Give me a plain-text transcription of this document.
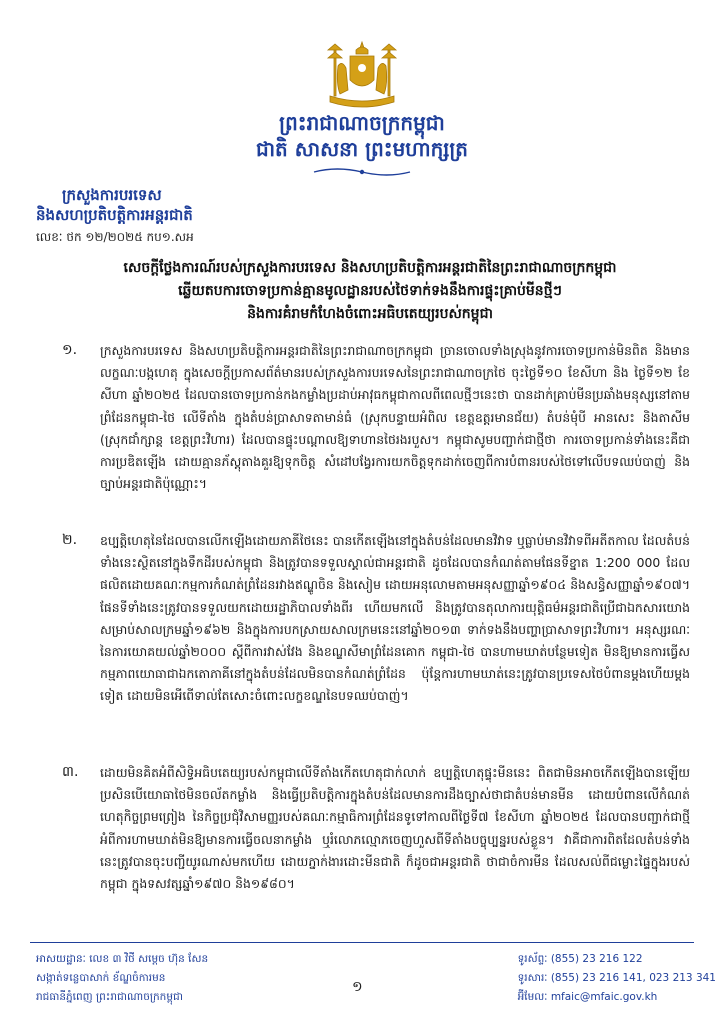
ព្រះរាជាណាចក្រកម្ពុជា
ជាតិ សាសនា ព្រះមហាក្សត្រ
ក្រសួងការបរទេស
និងសហប្រតិបត្តិការអន្តរជាតិ
លេខៈ ថក ១២/២០២៥ កប១.សអ
សេចក្តីថ្លែងការណ៍របស់ក្រសួងការបរទេស និងសហប្រតិបត្តិការអន្តរជាតិនៃព្រះរាជាណាចក្រកម្ពុជា
ឆ្លើយតបការចោទប្រកាន់គ្មានមូលដ្ឋានរបស់ថៃទាក់ទងនឹងការផ្ទុះគ្រាប់មីនថ្មីៗ
និងការគំរាមកំហែងចំពោះអធិបតេយ្យរបស់កម្ពុជា
១. ក្រសួងការបរទេស និងសហប្រតិបត្តិការអន្តរជាតិនៃព្រះរាជាណាចក្រកម្ពុជា ច្រានចោលទាំងស្រុងនូវការចោទប្រកាន់មិនពិត និងមានលក្ខណៈបង្កហេតុ ក្នុងសេចក្តីប្រកាសព័ត៌មានរបស់ក្រសួងការបរទេសនៃព្រះរាជាណាចក្រថៃ ចុះថ្ងៃទី១០ ខែសីហា និង ថ្ងៃទី១២ ខែសីហា ឆ្នាំ២០២៥ ដែលបានចោទប្រកាន់កងកម្លាំងប្រដាប់អាវុធកម្ពុជាកាលពីពេលថ្មីៗនេះថា បានដាក់គ្រាប់មីនប្រឆាំងមនុស្សនៅតាមព្រំដែនកម្ពុជា-ថៃ លើទីតាំង ក្នុងតំបន់ប្រាសាទតាមាន់ធំ (ស្រុកបន្ទាយអំពិល ខេត្តឧត្តរមានជ័យ) តំបន់មុំបី អានសេះ និងតាសីម (ស្រុកជាំក្សាន្ត ខេត្តព្រះវិហារ) ដែលបានផ្ទុះបណ្តាលឱ្យទាហានថៃរងរបួស។ កម្ពុជាសូមបញ្ជាក់ជាថ្មីថា ការចោទប្រកាន់ទាំងនេះគឺជាការប្រឌិតឡើង ដោយគ្មានភ័ស្តុតាងគួរឱ្យទុកចិត្ត សំដៅបង្វែរការយកចិត្តទុកដាក់ចេញពីការបំពានរបស់ថៃទៅលើបទឈប់បាញ់ និងច្បាប់អន្តរជាតិប៉ុណ្ណោះ។

២. ឧប្បត្តិហេតុនៃដែលបានលើកឡើងដោយភាគីថៃនេះ បានកើតឡើងនៅក្នុងតំបន់ដែលមានវិវាទ ឬធ្លាប់មានវិវាទពីអតីតកាល ដែលតំបន់ទាំងនេះស្ថិតនៅក្នុងទឹកដីរបស់កម្ពុជា និងត្រូវបានទទួលស្គាល់ជាអន្តរជាតិ ដូចដែលបានកំណត់តាមផែនទីខ្នាត 1:200 000 ដែលផលិតដោយគណៈកម្មការកំណត់ព្រំដែនរវាងឥណ្ឌូចិន និងសៀម ដោយអនុលោមតាមអនុសញ្ញាឆ្នាំ១៩០៤ និងសន្ធិសញ្ញាឆ្នាំ១៩០៧។ ផែនទីទាំងនេះត្រូវបានទទួលយកដោយរដ្ឋាភិបាលទាំងពីរ ហើយមកលើ និងត្រូវបានតុលាការយុត្តិធម៌អន្តរជាតិប្រើជាឯកសារយោងសម្រាប់សាលក្រមឆ្នាំ១៩៦២ និងក្នុងការបកស្រាយសាលក្រមនេះនៅឆ្នាំ២០១៣ ទាក់ទងនឹងបញ្ហាប្រាសាទព្រះវិហារ។ អនុស្សរណៈនៃការយោគយល់ឆ្នាំ២០០០ ស្តីពីការវាស់វែង និងខណ្ឌសីមាព្រំដែនគោក កម្ពុជា-ថៃ បានហាមឃាត់បន្ថែមទៀត មិនឱ្យមានការធ្វើសកម្មភាពយោធាជាឯកតោភាគីនៅក្នុងតំបន់ដែលមិនបានកំណត់ព្រំដែន ប៉ុន្តែការហាមឃាត់នេះត្រូវបានប្រទេសថៃបំពានម្តងហើយម្តងទៀត ដោយមិនអើពើទាល់តែសោះចំពោះលក្ខខណ្ឌនៃបទឈប់បាញ់។

៣. ដោយមិនគិតអំពីសិទ្ធិអធិបតេយ្យរបស់កម្ពុជាលើទីតាំងកើតហេតុជាក់លាក់ ឧប្បត្តិហេតុផ្ទុះមីននេះ ពិតជាមិនអាចកើតឡើងបានឡើយប្រសិនបើយោធាថៃមិនចល័តកម្លាំង និងធ្វើប្រតិបត្តិការក្នុងតំបន់ដែលមានការដឹងច្បាស់ថាជាតំបន់មានមីន ដោយបំពានលើកំណត់ហេតុកិច្ចព្រមព្រៀង នៃកិច្ចប្រជុំវិសាមញ្ញរបស់គណៈកម្មាធិការព្រំដែនទូទៅកាលពីថ្ងៃទី៧ ខែសីហា ឆ្នាំ២០២៥ ដែលបានបញ្ជាក់ជាថ្មីអំពីការហាមឃាត់មិនឱ្យមានការធ្វើចលនាកម្លាំង ឬរំលោភល្មោភចេញហួសពីទីតាំងបច្ចុប្បន្នរបស់ខ្លួន។ វាគឺជាការពិតដែលតំបន់ទាំងនេះត្រូវបានចុះបញ្ជីយូរណាស់មកហើយ ដោយភ្នាក់ងារដោះមីនជាតិ ក៏ដូចជាអន្តរជាតិ ថាជាចំការមីន ដែលសល់ពីជម្លោះផ្ទៃក្នុងរបស់កម្ពុជា ក្នុងទសវត្សឆ្នាំ១៩៧០ និង១៩៨០។

អាសយដ្ឋានៈ លេខ ៣ វិថី សម្តេច ហ៊ុន សែន
សង្កាត់ទន្លេបាសាក់ ខ័ណ្ឌចំការមន
រាជធានីភ្នំពេញ ព្រះរាជាណាចក្រកម្ពុជា
១
ទូរស័ព្ទៈ (855) 23 216 122
ទូរសារៈ (855) 23 216 141, 023 213 341
អ៊ីមែលៈ mfaic@mfaic.gov.kh
